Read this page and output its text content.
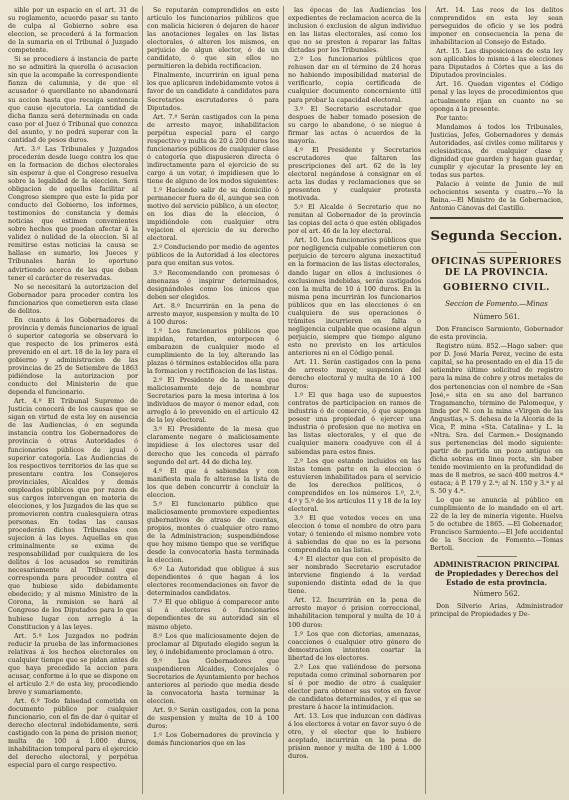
sible por un espacio en el art. 31 de su reglamento, acuerdo pasar su tanto de culpa al Gobierno sobre esa eleccion, se procederá á la formacion de la sumaria en el Tribunal ó Juzgado competente.

Si se procediere á instancia de parte no se admitirá la querella ó acusacion sin que la acompañe la correspondiente fianza de calumnia, y de que el acusador ó querellante no abandonará su accion hasta que recaiga sentencia que cause ejecutoria. La cantidad de dicha fianza será determinada en cada caso por el Juez ó Tribunal que conozca del asunto, y no podrá superar con la cantidad de pesos duros.

Art. 3.º Las Tribunales y Juzgados procederán desde luego contra los que en la formacion de dichos electorales sin esperar á que el Congreso resuelva sobre la legalidad de la eleccion. Será obligacion de aquellos facilitar al Congreso siempre que este lo pida por conducto del Gobierno, los informes, testimonios de constancia y demás noticias que estimen convenientes sobre hechos que puedan afectar á la validez ó nulidad de la eleccion. Si al remitirse estas noticias la causa se hallase en sumario, los Jueces y Tribunales harán lo oportuno advirtiendo acerca de las que deban tener el carácter de reservadas.

No se necesitará la autorizacion del Gobernador para proceder contra los funcionarios que cometieren esta clase de delitos.

En cuanto á los Gobernadores de provincia y demás funcionarios de igual ó superior categoría se observará lo que respecto de los primeros está prevenido en el art. 18 de la ley para el gobierno y administracion de las provincias de 25 de Setiembre de 1863 pidiéndose la autorizacion por conducto del Ministerio de que dependa el funcionario.

Art. 4.º El Tribunal Supremo de Justicia conocerá de los causas que se sigan en virtud de esta ley en ausencia de las Audiencias, ó en segunda instancia contra los Gobernadores de provincia ó otras Autoridades ó funcionarios públicos de igual ó superior categoría. Las Audiencias de los respectivos territorios de las que se presentare contra los Consejeros provinciales, Alcaldes y demás empleados públicos que por razon de sus cargos intervengan en materia de elecciones, y los Juzgados de las que se promovieren contra cualesquiera otras personas. En todas las causas procederán dichos Tribunales con sujecion á las leyes. Aquellas en que criminalmente se exima de responsabilidad por cualquiera de los delitos á los acusados se remitirán necesariamente al Tribunal que corresponda para proceder contra el que hubiese sido debidamente obedecido; y al mismo Ministro de la Corona, la remision se hará al Congreso de los Diputados para lo que hubiese lugar con arreglo á la Constitucion y á las leyes.

Art. 5.º Los Juzgados no podrán reducir la prueba de las informaciones relativas á los hechos electorales en cualquier tiempo que se pidan antes de que haya precedido la accion para acusar, conforme á lo que se dispone en el artículo 2.º de esta ley, procediendo breve y sumariamente.

Art. 6.º Todo falsedad cometida en documento público por cualquier funcionario, con el fin de dar ó quitar el derecho electoral indebidamente, será castigado con la pena de prision menor, multa de 100 á 1.000 duros, inhabilitacion temporal para el ejercicio del derecho electoral, y perpétua especial para el cargo respectivo.

Se reputarán comprendidos en este artículo los funcionarios públicos que con malicia hicieren ó dejaren de hacer las anotaciones legales en las listas electorales, ó alteren los mismos, en perjuicio de algun elector, ó de un candidato, ó que sin ellos no permitieren la debida rectificacion.

Finalmente, incurrirán en igual pena los que aplicaren indebidamente votos á favor de un candidato á candidatos para Secretarios escrutadores ó para Diputados.

Art. 7.º Serán castigados con la pena de arresto mayor, inhabilitacion perpétua especial para el cargo respectivo y multa de 20 á 200 duros los funcionarios públicos de cualquier clase ó categoría que dispusieren directa ó indirectamente para el ejercicio de su cargo á un votar, ó impidiesen que lo tiene de alguno de los modos siguientes:

1.º Haciendo salir de su domicilio ó permanecer fuera de él, aunque sea con motivo del servicio público, á un elector, en los dias de la eleccion, ó impidiéndole con cualquier otra vejacion el ejercicio de su derecho electoral.

2.º Conduciendo por medio de agentes públicos de la Autoridad á los electores para que emitan sus votos.

3.º Recomendando con promesas ó amenazas ó inspirar determinados, designándoles como los únicos que deben ser elegidos.

Art. 8.º Incurrirán en la pena de arresto mayor, suspension y multa de 10 á 100 duros:

1.º Los funcionarios públicos que impidan, retarden, entorpecen ó embarazen de cualquier modo el cumplimiento de la ley, alterando las plazas ó términos establecidos ella para la formacion y rectificacion de las listas.

2.º El Presidente de la mesa que maliciosamente deje de nombrar Secretarios para la mesa interina á los individuos de mayor ó menor edad, con arreglo á lo prevenido en el artículo 42 de la ley electoral.

3.º El Presidente de la mesa que claramente negare ó maliciosamente impidiese á los electores usar del derecho que les conceda el párrafo segundo del art. 44 de dicha ley.

4.º El que á sabiendas y con manifiesta mala fe alterase la lista de los que deben concurrir á concluir la eleccion.

5.º El funcionario público que maliciosamente promoviere expedientes gubernativos de atraso de cuentas, propios, montes ó cualquier otro ramo de la Administracion; suspendiéndose que hoy mismo tiempo que se verifique desde la convocatoria hasta terminada la eleccion.

6.º La Autoridad que obligue á sus dependientes ó que hagan á los electores recomendaciones en favor de determinados candidatos.

7.º El que obligue á comparecer ante sí á electores ó funcionarios dependientes de su autoridad sin el mismo objeto.

8.º Los que maliciosamente dejen de proclamar al Diputado elegido segun la ley, ó indebidamente proclaman á otro.

9.º Los Gobernadores que suspendieren Alcaldes, Concejales ó Secretarios de Ayuntamiento por hechos anteriores al periodo que media desde la convocatoria hasta terminar la eleccion.

Art. 9.º Serán castigados, con la pena de suspension y multa de 10 á 100 duros:

1.º Los Gobernadores de provincia y demás funcionarios que en las

las épocas de las Audiencias los expedientes de reclamacion acerca de la inclusion ó exclusion de algun individuo en las listas electorales, así como los que no se presten á reparar las faltas dictadas por los Tribunales.

2.º Los funcionarios públicos que rehusen dar en el término de 24 horas no habiendo imposibilidad material de verificarlo, copia certificada de cualquier documento concerniente útil para probar la capacidad electoral.

3.º El Secretario escrutador que despues de haber tomado posesion de su cargo lo abandone, ó se niegue á firmar las actas ó acuerdos de la mayoría.

4.º El Presidente y Secretarios escrutadores que faltaren las prescripciones del art. 62 de la ley electoral negándose á consignar en el acta las dudas y reclamaciones que se presenten y cualquier protesta motivada.

5.º El Alcalde ó Secretario que no remitan al Gobernador de la provincia las copias del acta ó que estén obligados por el art. 46 de la ley electoral.

Art. 10. Los funcionarios públicos que por negligencia culpable cometieren con perjuicio de tercero alguna inexactitud en la formacion de las listas electorales, dando lugar en ellos á inclusiones ó exclusiones indebidas, serán castigados con la multa de 10 á 100 duros. En la misma pena incurrirán los funcionarios públicos que en las elecciones ó en cualquiera de sus operaciones ó trámites incurrieren en falta o negligencia culpable que ocasione algun perjuicio, siempre que tiempo alguno esto no previsto en los artículos anteriores ni en el Código penal.

Art. 11. Serán castigados con la pena de arresto mayor, suspension del derecho electoral y multa de 10 á 100 duros:

1.º El que haga uso de supuestos contratos de participacion en ramos de industria ó de comercio, ó que suponga poseer una propiedad ó ejercer una industria ó profesion que no motiva en las listas electorales, y el que de cualquier manera coadyuve con él á sabiendas para estos fines.

2.º Los que estando incluidos en las listas tomen parte en la eleccion ó estuvieren inhabilitados para el servicio de los derechos políticos, ó comprendidos en los números 1.º, 2.º, 4.º y 5.º de los artículos 11 y 18 de la ley electoral.

3.º El que votedos veces en una eleccion ó tome el nombre de otro para votar; ó teniendo el mismo nombre vote á sabiendas de que no es la persona comprendida en las listas.

4.º El elector que con el propósito de ser nombrado Secretario escrutador interviene fingiendo á la verdad suponiendo distinta edad de la que tiene.

Art. 12. Incurrirán en la pena de arresto mayor ó prision correccional, inhabilitacion temporal y multa de 10 á 100 duros:

1.º Los que con dictorias, amenazas, coacciones ó cualquier otro género de demostracion intenten coartar la libertad de los electores.

2.º Los que valiéndose de persona reputada como criminal sobornaren por sí ó por medio de otro á cualquier elector para obtener sus votos en favor de candidatos determinados, y el que se prestare á hacer la intimidacion.

Art. 13. Los que induzcan con dádivas á los electores á votar en favor suyo ó de otro, y el elector que lo hubiere aceptado, incurrirán en la pena de prision menor y multa de 100 á 1.000 duros.

Art. 14. Las reos de los delitos comprendidos en esta ley sean perseguidos de oficio y se les podrá imponer en consecuencia la pena de inhabilitacion al Consejo de Estado.

Art. 15. Las disposiciones de esta ley son aplicables lo mismo á las elecciones para Diputados á Córtes que a las de Diputados provinciales.

Art. 16. Quedan vigentes el Código penal y las leyes de procedimientos que actualmente rijan en cuanto no se oponga á la presente.

Por tanto:

Mandamos á todos los Tribunales, Justicias, Jefes, Gobernadores y demás Autoridades, así civiles como militares y eclesiásticas, de cualquier clase y dignidad que guarden y hagan guardar, cumplir y ejecutar la presente ley en todas sus partes.

Palacio á veinte de Junio de mil ochocientos sesenta y cuatro.—Yo la Reina.—El Ministro de la Gobernacion, Antonio Cánovas del Castillo.

Segunda Seccion.
OFICINAS SUPERIORES DE LA PROVINCIA.
GOBIERNO CIVIL.
Seccion de Fomento.—Minas
Número 561.

Don Francisco Sarmiento, Gobernador de esta provincia.

Registro núm. 852.—Hago saber: que por D. José María Perez, vecino de esta capital, se ha presentado en el dia 15 de setiembre último solicitud de registro para la mina de cobre y otros metales de dos pertenencias con el nombre de «San José,» sita en su ano del barranco Tragamancho, término de Palomeque, y linda por N. con la mina «Virgen de las Angustias,» S. dehesa de la Alcoria de la Vica, P. mina «Sta. Catalina» y L. la «Ntra. Sra. del Carmen.» Designando sus pertenencias del modo siguiente: partir de partida un pozo antiguo en dicha sobras en linea recta, sin haber tenido movimiento en la profundidad de mas de 8 metros, se sacó 400 metros 4.ª estaca; á P. 179 y 2.ª; al N. 150 y 3.ª y al S. 50 y 4.ª.

Lo que se anuncia al público en cumplimiento de lo mandado en el art. 22 de la ley de minería vigente. Huelva 5 de octubre de 1865. —El Gobernador, Francisco Sarmiento.—El Jefe accidental de la Seccion de Fomento.—Tomas Bertoli.

ADMINISTRACION PRINCIPAL de Propiedades y Derechos del Estado de esta provincia.
Número 562.

Don Silverio Arias, Administrador principal de Propiedades y De-
